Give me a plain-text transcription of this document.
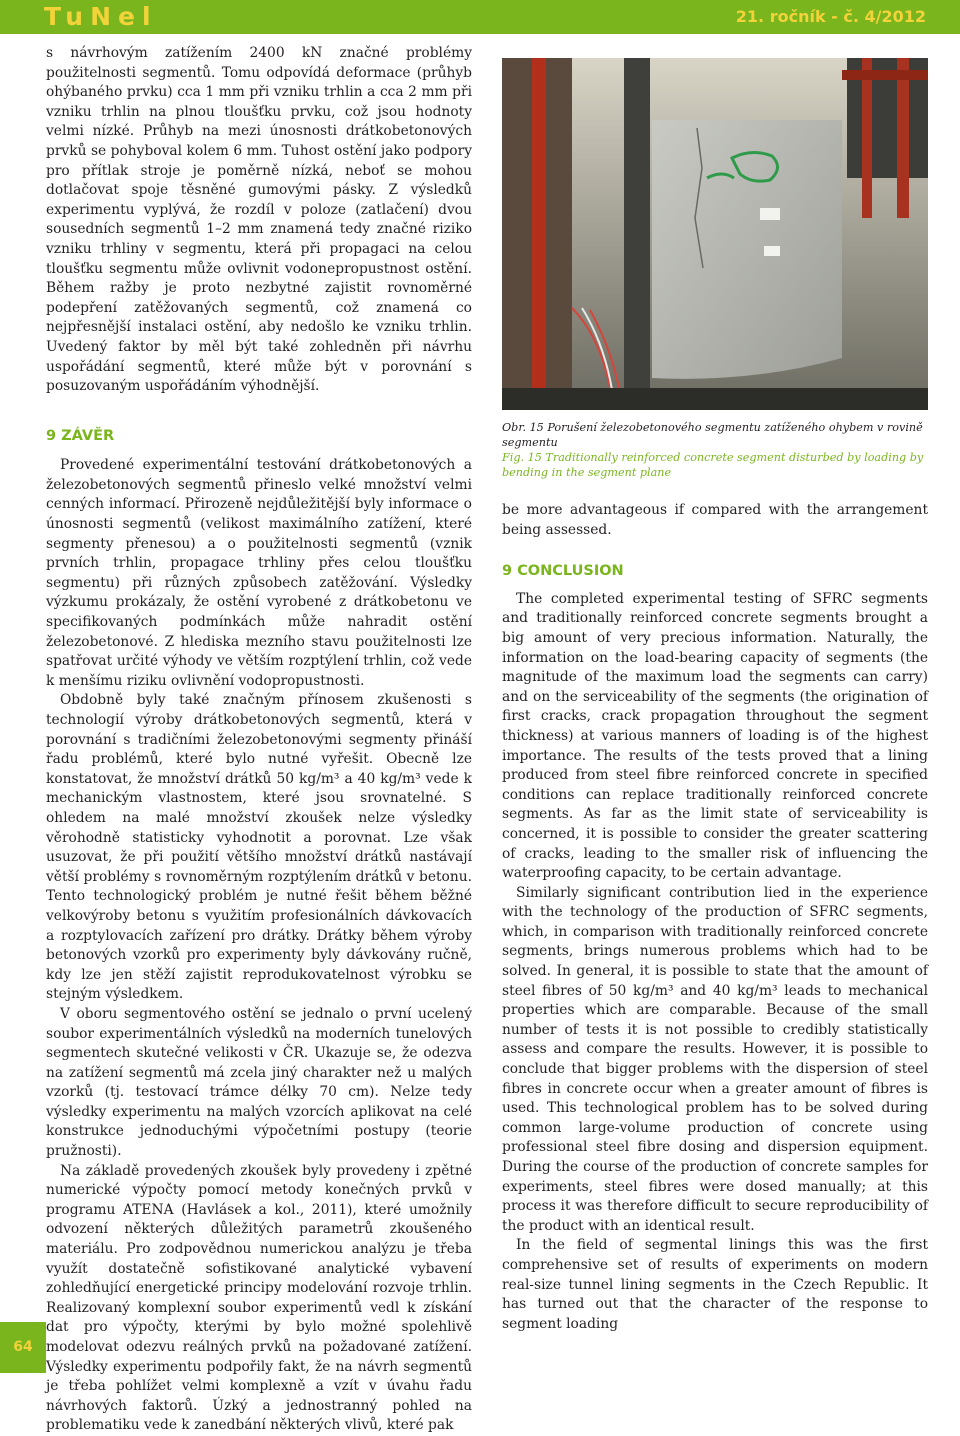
TuNel	21. ročník - č. 4/2012

s návrhovým zatížením 2400 kN značné problémy použitelnosti segmentů. Tomu odpovídá deformace (průhyb ohýbaného prvku) cca 1 mm při vzniku trhlin a cca 2 mm při vzniku trhlin na plnou tloušťku prvku, což jsou hodnoty velmi nízké. Průhyb na mezi únosnosti drátkobetonových prvků se pohyboval kolem 6 mm. Tuhost ostění jako podpory pro přítlak stroje je poměrně nízká, neboť se mohou dotlačovat spoje těsněné gumovými pásky. Z výsledků experimentu vyplývá, že rozdíl v poloze (zatlačení) dvou sousedních segmentů 1–2 mm znamená tedy značné riziko vzniku trhliny v segmentu, která při propagaci na celou tloušťku segmentu může ovlivnit vodonepropustnost ostění. Během ražby je proto nezbytné zajistit rovnoměrné podepření zatěžovaných segmentů, což znamená co nejpřesnější instalaci ostění, aby nedošlo ke vzniku trhlin. Uvedený faktor by měl být také zohledněn při návrhu uspořádání segmentů, které může být v porovnání s posuzovaným uspořádáním výhodnější.

9 ZÁVĚR

Provedené experimentální testování drátkobetonových a železobetonových segmentů přineslo velké množství velmi cenných informací. Přirozeně nejdůležitější byly informace o únosnosti segmentů (velikost maximálního zatížení, které segmenty přenesou) a o použitelnosti segmentů (vznik prvních trhlin, propagace trhliny přes celou tloušťku segmentu) při různých způsobech zatěžování. Výsledky výzkumu prokázaly, že ostění vyrobené z drátkobetonu ve specifikovaných podmínkách může nahradit ostění železobetonové. Z hlediska mezního stavu použitelnosti lze spatřovat určité výhody ve větším rozptýlení trhlin, což vede k menšímu riziku ovlivnění vodopropustnosti.

Obdobně byly také značným přínosem zkušenosti s technologií výroby drátkobetonových segmentů, která v porovnání s tradičními železobetonovými segmenty přináší řadu problémů, které bylo nutné vyřešit. Obecně lze konstatovat, že množství drátků 50 kg/m³ a 40 kg/m³ vede k mechanickým vlastnostem, které jsou srovnatelné. S ohledem na malé množství zkoušek nelze výsledky věrohodně statisticky vyhodnotit a porovnat. Lze však usuzovat, že při použití většího množství drátků nastávají větší problémy s rovnoměrným rozptýlením drátků v betonu. Tento technologický problém je nutné řešit během běžné velkovýroby betonu s využitím profesionálních dávkovacích a rozptylovacích zařízení pro drátky. Drátky během výroby betonových vzorků pro experimenty byly dávkovány ručně, kdy lze jen stěží zajistit reprodukovatelnost výrobku se stejným výsledkem.

V oboru segmentového ostění se jednalo o první ucelený soubor experimentálních výsledků na moderních tunelových segmentech skutečné velikosti v ČR. Ukazuje se, že odezva na zatížení segmentů má zcela jiný charakter než u malých vzorků (tj. testovací trámce délky 70 cm). Nelze tedy výsledky experimentu na malých vzorcích aplikovat na celé konstrukce jednoduchými výpočetními postupy (teorie pružnosti).

Na základě provedených zkoušek byly provedeny i zpětné numerické výpočty pomocí metody konečných prvků v programu ATENA (Havlásek a kol., 2011), které umožnily odvození některých důležitých parametrů zkoušeného materiálu. Pro zodpovědnou numerickou analýzu je třeba využít dostatečně sofistikované analytické vybavení zohledňující energetické principy modelování rozvoje trhlin. Realizovaný komplexní soubor experimentů vedl k získání dat pro výpočty, kterými by bylo možné spolehlivě modelovat odezvu reálných prvků na požadované zatížení. Výsledky experimentu podpořily fakt, že na návrh segmentů je třeba pohlížet velmi komplexně a vzít v úvahu řadu návrhových faktorů. Úzký a jednostranný pohled na problematiku vede k zanedbání některých vlivů, které pak

Obr. 15 Porušení železobetonového segmentu zatíženého ohybem v rovině segmentu
Fig. 15 Traditionally reinforced concrete segment disturbed by loading by bending in the segment plane

be more advantageous if compared with the arrangement being assessed.

9 CONCLUSION

The completed experimental testing of SFRC segments and traditionally reinforced concrete segments brought a big amount of very precious information. Naturally, the information on the load-bearing capacity of segments (the magnitude of the maximum load the segments can carry) and on the serviceability of the segments (the origination of first cracks, crack propagation throughout the segment thickness) at various manners of loading is of the highest importance. The results of the tests proved that a lining produced from steel fibre reinforced concrete in specified conditions can replace traditionally reinforced concrete segments. As far as the limit state of serviceability is concerned, it is possible to consider the greater scattering of cracks, leading to the smaller risk of influencing the waterproofing capacity, to be certain advantage.

Similarly significant contribution lied in the experience with the technology of the production of SFRC segments, which, in comparison with traditionally reinforced concrete segments, brings numerous problems which had to be solved. In general, it is possible to state that the amount of steel fibres of 50 kg/m³ and 40 kg/m³ leads to mechanical properties which are comparable. Because of the small number of tests it is not possible to credibly statistically assess and compare the results. However, it is possible to conclude that bigger problems with the dispersion of steel fibres in concrete occur when a greater amount of fibres is used. This technological problem has to be solved during common large-volume production of concrete using professional steel fibre dosing and dispersion equipment. During the course of the production of concrete samples for experiments, steel fibres were dosed manually; at this process it was therefore difficult to secure reproducibility of the product with an identical result.

In the field of segmental linings this was the first comprehensive set of results of experiments on modern real-size tunnel lining segments in the Czech Republic. It has turned out that the character of the response to segment loading

64
